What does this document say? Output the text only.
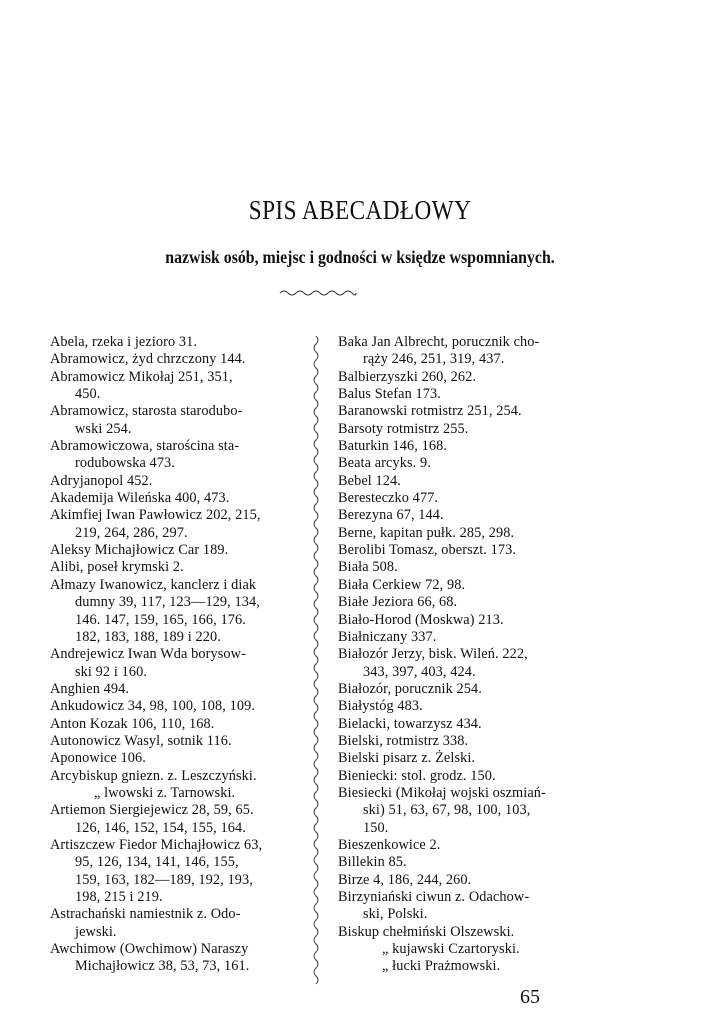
SPIS ABECADŁOWY
nazwisk osób, miejsc i godności w księdze wspomnianych.
Abela, rzeka i jezioro 31.
Abramowicz, żyd chrzczony 144.
Abramowicz Mikołaj 251, 351,
450.
Abramowicz, starosta starodubo-
wski 254.
Abramowiczowa, starościna sta-
rodubowska 473.
Adryjanopol 452.
Akademija Wileńska 400, 473.
Akimfiej Iwan Pawłowicz 202, 215,
219, 264, 286, 297.
Aleksy Michajłowicz Car 189.
Alibi, poseł krymski 2.
Ałmazy Iwanowicz, kanclerz i diak
dumny 39, 117, 123—129, 134,
146. 147, 159, 165, 166, 176.
182, 183, 188, 189 i 220.
Andrejewicz Iwan Wda borysow-
ski 92 i 160.
Anghien 494.
Ankudowicz 34, 98, 100, 108, 109.
Anton Kozak 106, 110, 168.
Autonowicz Wasyl, sotnik 116.
Aponowice 106.
Arcybiskup gniezn. z. Leszczyński.
„ lwowski z. Tarnowski.
Artiemon Siergiejewicz 28, 59, 65.
126, 146, 152, 154, 155, 164.
Artiszczew Fiedor Michajłowicz 63,
95, 126, 134, 141, 146, 155,
159, 163, 182—189, 192, 193,
198, 215 i 219.
Astrachański namiestnik z. Odo-
jewski.
Awchimow (Owchimow) Naraszy
Michajłowicz 38, 53, 73, 161.
Baka Jan Albrecht, porucznik cho-
rąży 246, 251, 319, 437.
Balbierzyszki 260, 262.
Balus Stefan 173.
Baranowski rotmistrz 251, 254.
Barsoty rotmistrz 255.
Baturkin 146, 168.
Beata arcyks. 9.
Bebel 124.
Beresteczko 477.
Berezyna 67, 144.
Berne, kapitan pułk. 285, 298.
Berolibi Tomasz, oberszt. 173.
Biała 508.
Biała Cerkiew 72, 98.
Białe Jeziora 66, 68.
Biało-Horod (Moskwa) 213.
Białniczany 337.
Białozór Jerzy, bisk. Wileń. 222,
343, 397, 403, 424.
Białozór, porucznik 254.
Białystóg 483.
Bielacki, towarzysz 434.
Bielski, rotmistrz 338.
Bielski pisarz z. Żelski.
Bieniecki: stol. grodz. 150.
Biesiecki (Mikołaj wojski oszmiań-
ski) 51, 63, 67, 98, 100, 103,
150.
Bieszenkowice 2.
Billekin 85.
Birze 4, 186, 244, 260.
Birzyniański ciwun z. Odachow-
ski, Polski.
Biskup chełmiński Olszewski.
„ kujawski Czartoryski.
„ łucki Prażmowski.
65
